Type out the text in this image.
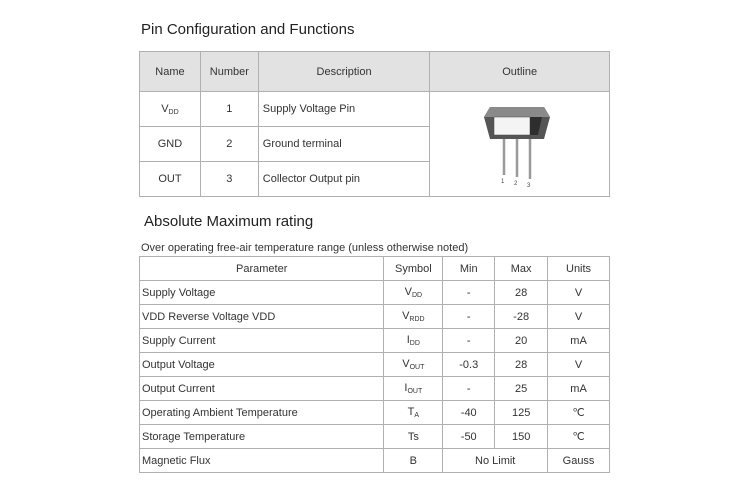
Pin Configuration and Functions
Name	Number	Description	Outline
$V_{DD}$	1	Supply Voltage Pin	1 2 3

GND	2	Ground terminal	
OUT	3	Collector Output pin	
Absolute Maximum rating
Over operating free-air temperature range (unless otherwise noted)
Parameter	Symbol	Min	Max	Units
Supply Voltage	$V_{DD}$	-	28	V
VDD Reverse Voltage VDD	$V_{RDD}$	-	-28	V
Supply Current	$I_{DD}$	-	20	mA
Output Voltage	$V_{OUT}$	-0.3	28	V
Output Current	$I_{OUT}$	-	25	mA
Operating Ambient Temperature	$T_A$	-40	125	℃
Storage Temperature	Ts	-50	150	℃
Magnetic Flux	B	No Limit		Gauss
